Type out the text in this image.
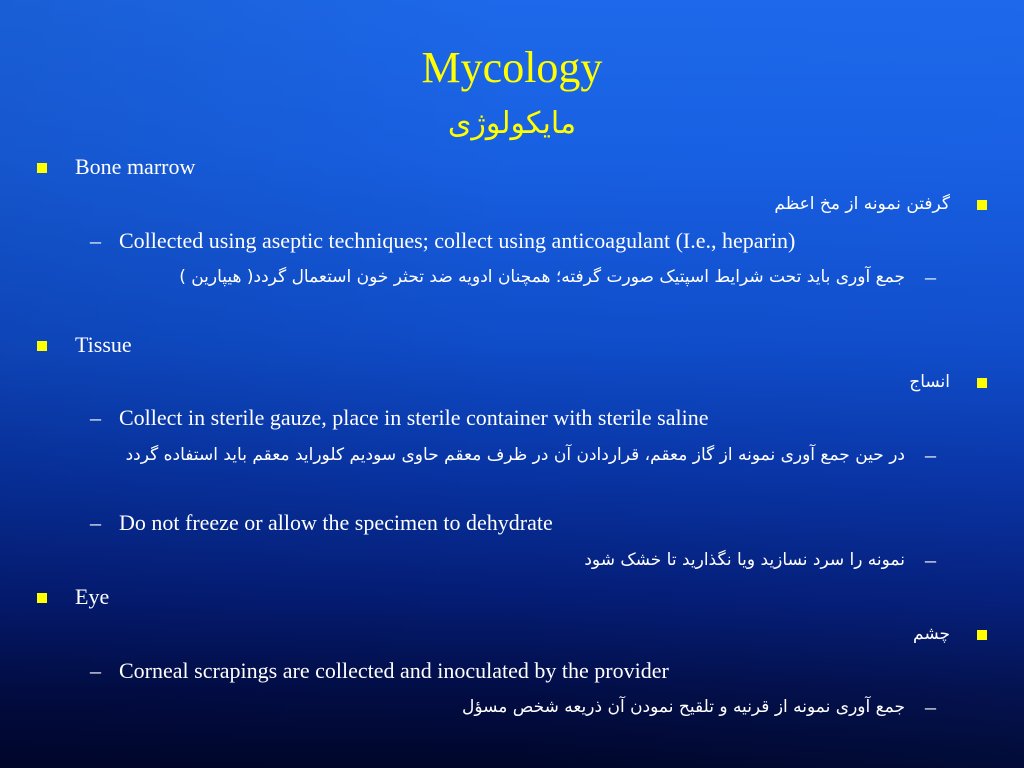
Mycology
مایکولوژی
Bone marrow
گرفتن نمونه از مخ اعظم
– Collected using aseptic techniques; collect using anticoagulant (I.e., heparin)
–
جمع آوری باید تحت شرایط اسپتیک صورت گرفته؛ همچنان ادویه ضد تحثر خون استعمال گردد( هیپارین )
Tissue
انساج
– Collect in sterile gauze, place in sterile container with sterile saline
–
در حین جمع آوری نمونه از گاز معقم، قراردادن آن در ظرف معقم حاوی سودیم کلوراید معقم باید استفاده گردد
– Do not freeze or allow the specimen to dehydrate
–
نمونه را سرد نسازید ویا نگذارید تا خشک شود
Eye
چشم
– Corneal scrapings are collected and inoculated by the provider
–
جمع آوری نمونه از قرنیه و تلقیح نمودن آن ذریعه شخص مسؤل
